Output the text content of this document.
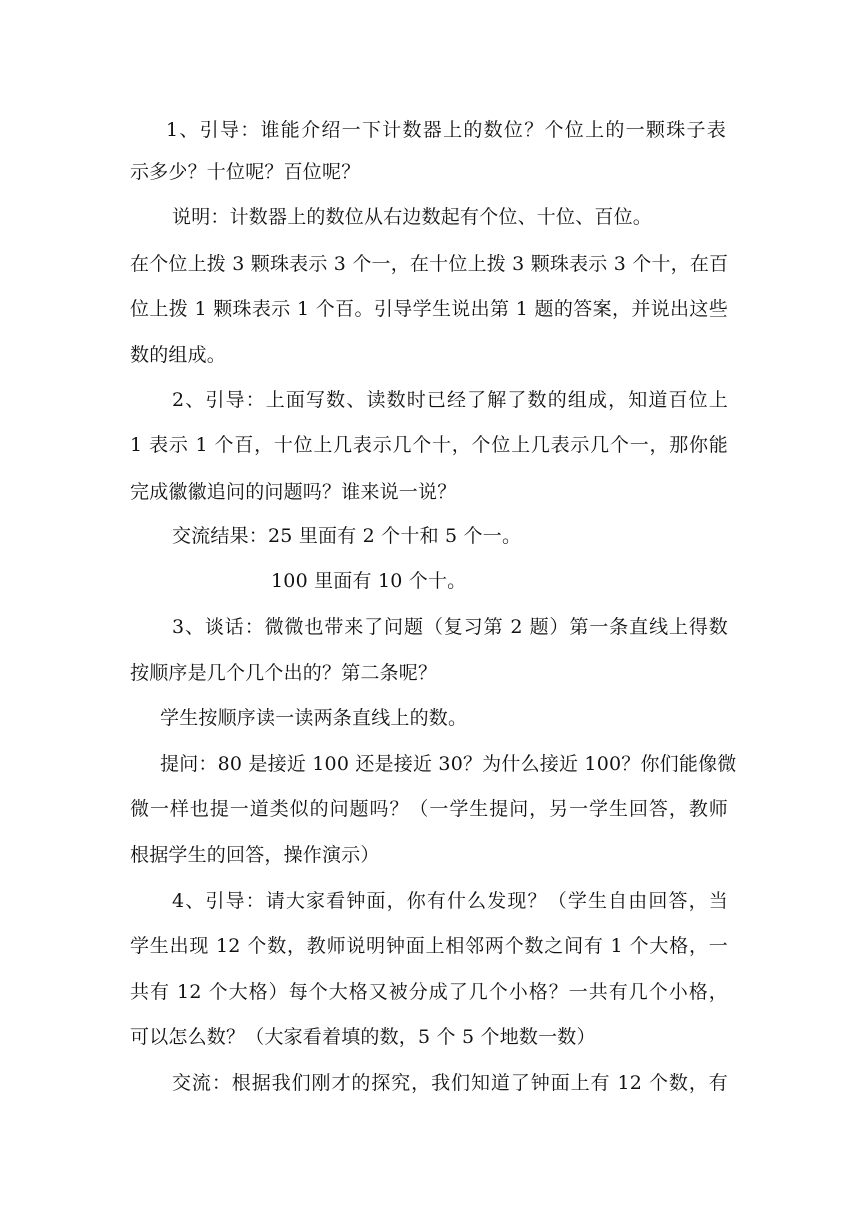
1、引导：谁能介绍一下计数器上的数位？个位上的一颗珠子表
示多少？十位呢？百位呢？
说明：计数器上的数位从右边数起有个位、十位、百位。
在个位上拨 3 颗珠表示 3 个一，在十位上拨 3 颗珠表示 3 个十，在百
位上拨 1 颗珠表示 1 个百。引导学生说出第 1 题的答案，并说出这些
数的组成。
2、引导：上面写数、读数时已经了解了数的组成，知道百位上
1 表示 1 个百，十位上几表示几个十，个位上几表示几个一，那你能
完成徽徽追问的问题吗？谁来说一说？
交流结果：25 里面有 2 个十和 5 个一。
100 里面有 10 个十。
3、谈话：微微也带来了问题（复习第 2 题）第一条直线上得数
按顺序是几个几个出的？第二条呢？
学生按顺序读一读两条直线上的数。
提问：80 是接近 100 还是接近 30？为什么接近 100？你们能像微
微一样也提一道类似的问题吗？（一学生提问，另一学生回答，教师
根据学生的回答，操作演示）
4、引导：请大家看钟面，你有什么发现？（学生自由回答，当
学生出现 12 个数，教师说明钟面上相邻两个数之间有 1 个大格，一
共有 12 个大格）每个大格又被分成了几个小格？一共有几个小格，
可以怎么数？（大家看着填的数，5 个 5 个地数一数）
交流：根据我们刚才的探究，我们知道了钟面上有 12 个数，有
